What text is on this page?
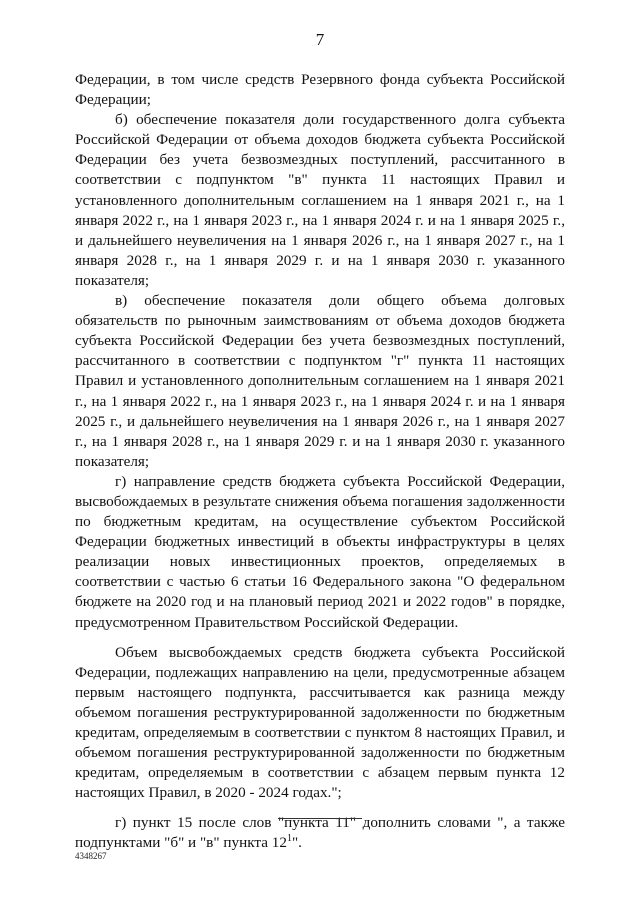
7

Федерации, в том числе средств Резервного фонда субъекта Российской Федерации;

б) обеспечение показателя доли государственного долга субъекта Российской Федерации от объема доходов бюджета субъекта Российской Федерации без учета безвозмездных поступлений, рассчитанного в соответствии с подпунктом "в" пункта 11 настоящих Правил и установленного дополнительным соглашением на 1 января 2021 г., на 1 января 2022 г., на 1 января 2023 г., на 1 января 2024 г. и на 1 января 2025 г., и дальнейшего неувеличения на 1 января 2026 г., на 1 января 2027 г., на 1 января 2028 г., на 1 января 2029 г. и на 1 января 2030 г. указанного показателя;

в) обеспечение показателя доли общего объема долговых обязательств по рыночным заимствованиям от объема доходов бюджета субъекта Российской Федерации без учета безвозмездных поступлений, рассчитанного в соответствии с подпунктом "г" пункта 11 настоящих Правил и установленного дополнительным соглашением на 1 января 2021 г., на 1 января 2022 г., на 1 января 2023 г., на 1 января 2024 г. и на 1 января 2025 г., и дальнейшего неувеличения на 1 января 2026 г., на 1 января 2027 г., на 1 января 2028 г., на 1 января 2029 г. и на 1 января 2030 г. указанного показателя;

г) направление средств бюджета субъекта Российской Федерации, высвобождаемых в результате снижения объема погашения задолженности по бюджетным кредитам, на осуществление субъектом Российской Федерации бюджетных инвестиций в объекты инфраструктуры в целях реализации новых инвестиционных проектов, определяемых в соответствии с частью 6 статьи 16 Федерального закона "О федеральном бюджете на 2020 год и на плановый период 2021 и 2022 годов" в порядке, предусмотренном Правительством Российской Федерации.

Объем высвобождаемых средств бюджета субъекта Российской Федерации, подлежащих направлению на цели, предусмотренные абзацем первым настоящего подпункта, рассчитывается как разница между объемом погашения реструктурированной задолженности по бюджетным кредитам, определяемым в соответствии с пунктом 8 настоящих Правил, и объемом погашения реструктурированной задолженности по бюджетным кредитам, определяемым в соответствии с абзацем первым пункта 12 настоящих Правил, в 2020 - 2024 годах.";

г) пункт 15 после слов "пункта 11" дополнить словами ", а также подпунктами "б" и "в" пункта $12^1$".

4348267
